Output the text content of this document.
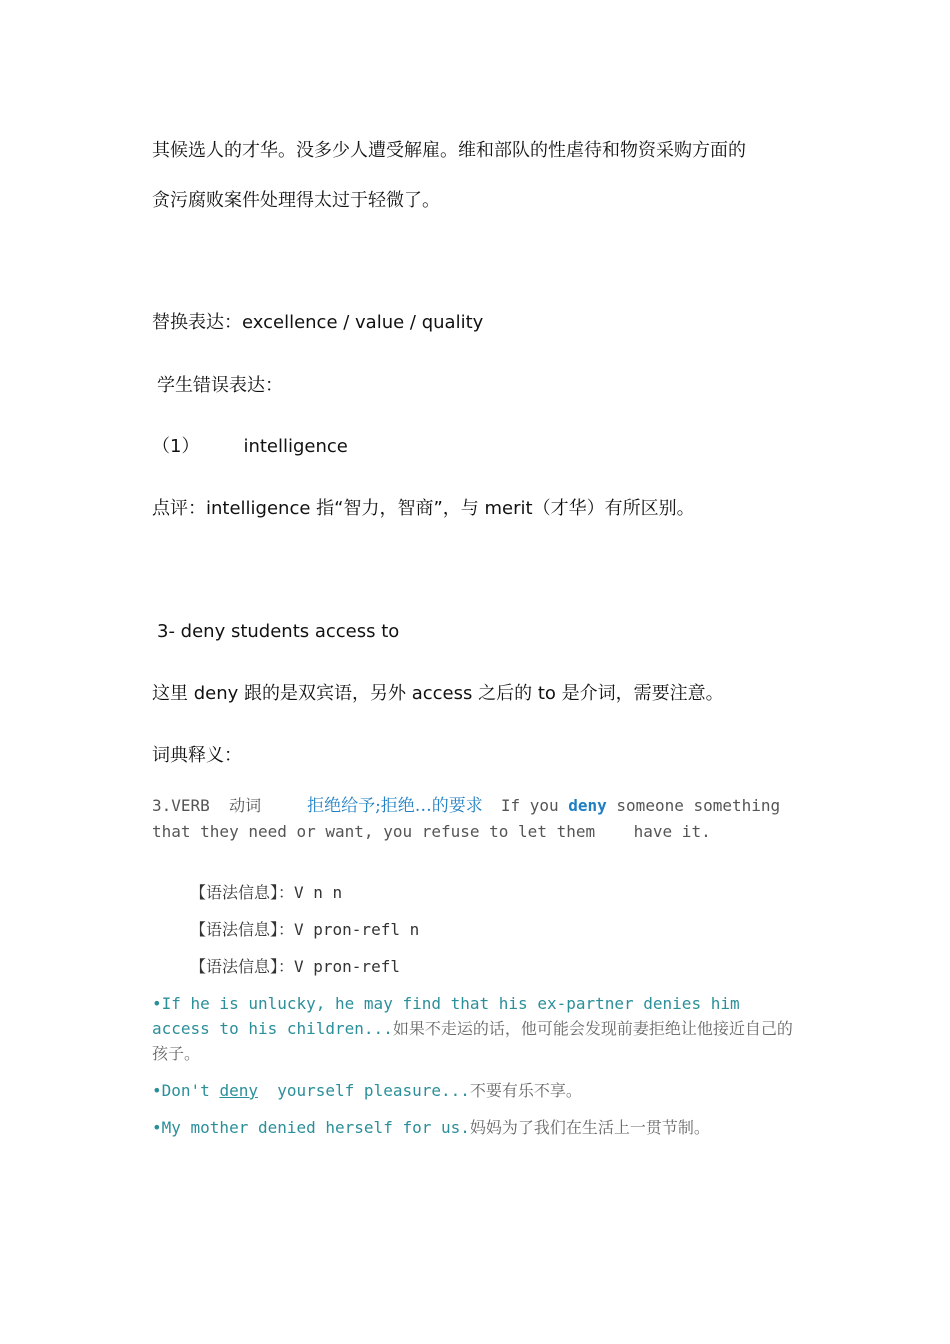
其候选人的才华。没多少人遭受解雇。维和部队的性虐待和物资采购方面的
贪污腐败案件处理得太过于轻微了。
替换表达：excellence / value / quality
学生错误表达：
（1） intelligence
点评：intelligence 指“智力，智商”，与 merit（才华）有所区别。
3- deny students access to
这里 deny 跟的是双宾语，另外 access 之后的 to 是介词，需要注意。
词典释义：
3.VERB  动词	拒绝给予;拒绝…的要求 If you deny someone something that they need or want, you refuse to let them    have it.
【语法信息】：V n n
【语法信息】：V pron-refl n
【语法信息】：V pron-refl
•If he is unlucky, he may find that his ex-partner denies him access to his children...如果不走运的话，他可能会发现前妻拒绝让他接近自己的孩子。
•Don't deny  yourself pleasure...不要有乐不享。
•My mother denied herself for us.妈妈为了我们在生活上一贯节制。
